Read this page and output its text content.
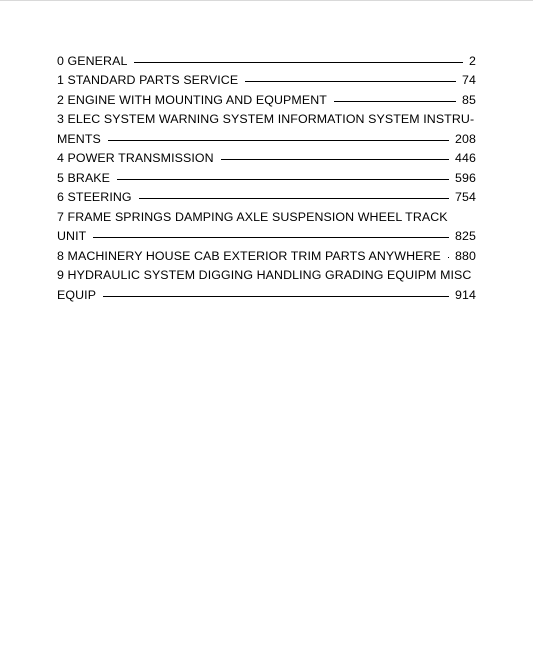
0 GENERAL	2
1 STANDARD PARTS SERVICE	74
2 ENGINE WITH MOUNTING AND EQUPMENT	85
3 ELEC SYSTEM WARNING SYSTEM INFORMATION SYSTEM INSTRU-
MENTS	208
4 POWER TRANSMISSION	446
5 BRAKE	596
6 STEERING	754
7 FRAME SPRINGS DAMPING AXLE SUSPENSION WHEEL TRACK
UNIT	825
8 MACHINERY HOUSE CAB EXTERIOR TRIM PARTS ANYWHERE 880
9 HYDRAULIC SYSTEM DIGGING HANDLING GRADING EQUIPM MISC
EQUIP	914
